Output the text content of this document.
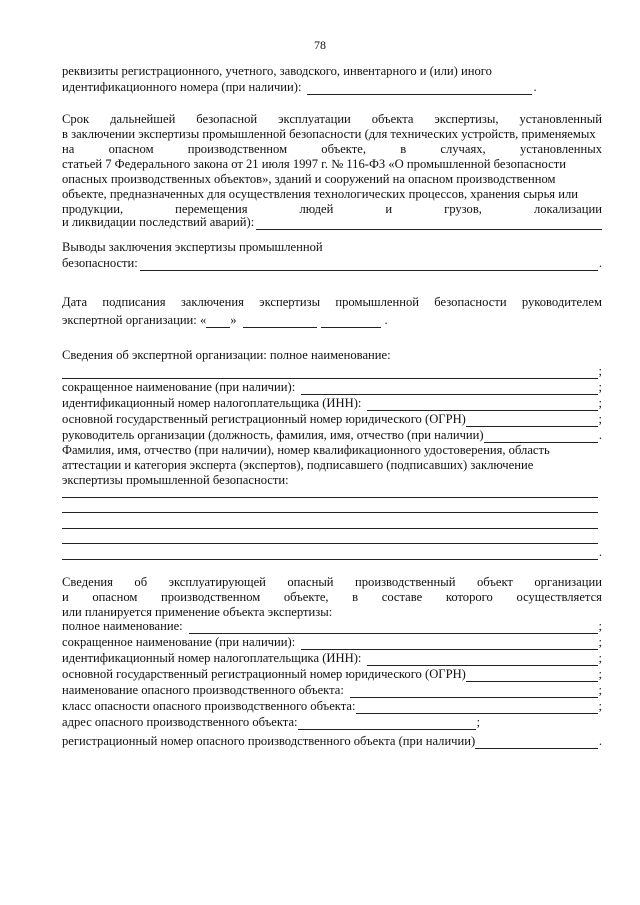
78
реквизиты регистрационного, учетного, заводского, инвентарного и (или) иного
идентификационного номера (при наличии):	.
Срок дальнейшей безопасной эксплуатации объекта экспертизы, установленный
в заключении экспертизы промышленной безопасности (для технических устройств, применяемых
на	опасном	производственном	объекте,	в	случаях,	установленных
статьей 7 Федерального закона от 21 июля 1997 г. № 116-ФЗ «О промышленной безопасности
опасных производственных объектов», зданий и сооружений на опасном производственном
объекте, предназначенных для осуществления технологических процессов, хранения сырья или
продукции,	перемещения	людей	и	грузов,	локализации
и ликвидации последствий аварий):
Выводы заключения экспертизы промышленной
безопасности:	.
Дата подписания заключения экспертизы промышленной безопасности руководителем
экспертной организации: « »	.
Сведения об экспертной организации: полное наименование:
;
сокращенное наименование (при наличии):	;
идентификационный номер налогоплательщика (ИНН):	;
основной государственный регистрационный номер юридического (ОГРН)	;
руководитель организации (должность, фамилия, имя, отчество (при наличии)	.
Фамилия, имя, отчество (при наличии), номер квалификационного удостоверения, область
аттестации и категория эксперта (экспертов), подписавшего (подписавших) заключение
экспертизы промышленной безопасности:
.
Сведения об эксплуатирующей опасный производственный объект организации
и опасном производственном объекте, в составе которого осуществляется
или планируется применение объекта экспертизы:
полное наименование:	;
сокращенное наименование (при наличии):	;
идентификационный номер налогоплательщика (ИНН):	;
основной государственный регистрационный номер юридического (ОГРН)	;
наименование опасного производственного объекта:	;
класс опасности опасного производственного объекта:	;
адрес опасного производственного объекта:	;
регистрационный номер опасного производственного объекта (при наличии)	.
